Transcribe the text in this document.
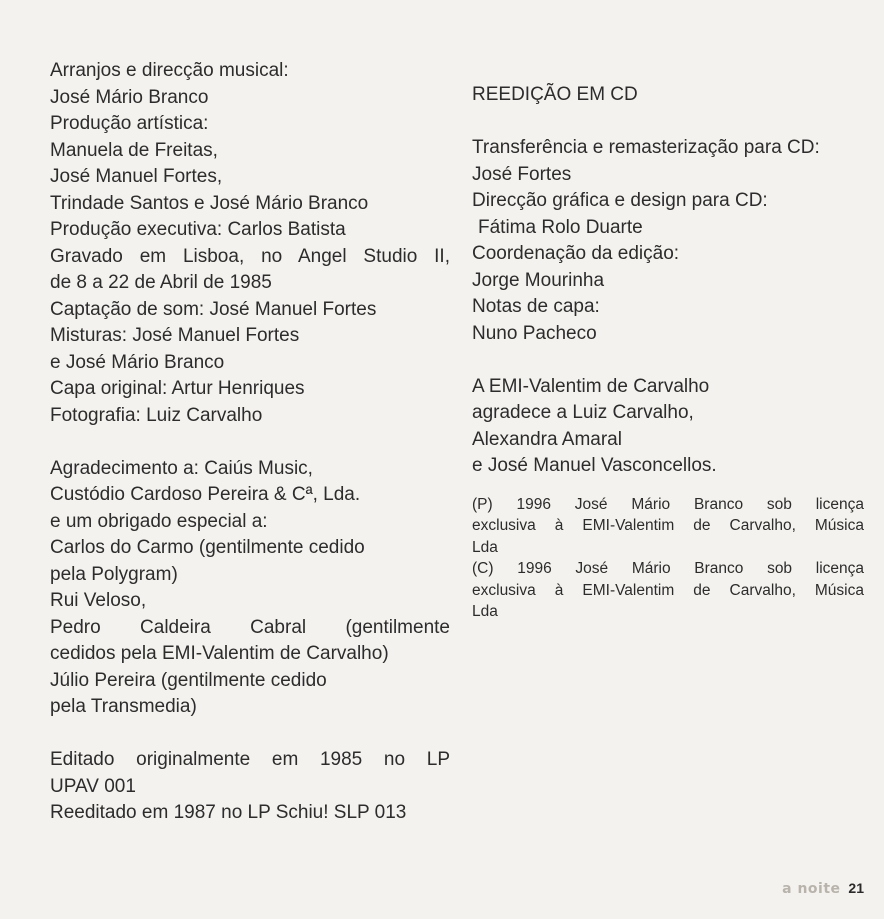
Arranjos e direcção musical:
José Mário Branco
Produção artística:
Manuela de Freitas,
José Manuel Fortes,
Trindade Santos e José Mário Branco
Produção executiva: Carlos Batista
Gravado em Lisboa, no Angel Studio II,
de 8 a 22 de Abril de 1985
Captação de som: José Manuel Fortes
Misturas: José Manuel Fortes
e José Mário Branco
Capa original: Artur Henriques
Fotografia: Luiz Carvalho
Agradecimento a: Caiús Music,
Custódio Cardoso Pereira & Cª, Lda.
e um obrigado especial a:
Carlos do Carmo (gentilmente cedido
pela Polygram)
Rui Veloso,
Pedro Caldeira Cabral (gentilmente
cedidos pela EMI-Valentim de Carvalho)
Júlio Pereira (gentilmente cedido
pela Transmedia)
Editado originalmente em 1985 no LP
UPAV 001
Reeditado em 1987 no LP Schiu! SLP 013
REEDIÇÃO EM CD
Transferência e remasterização para CD:
José Fortes
Direcção gráfica e design para CD:
Fátima Rolo Duarte
Coordenação da edição:
Jorge Mourinha
Notas de capa:
Nuno Pacheco
A EMI-Valentim de Carvalho
agradece a Luiz Carvalho,
Alexandra Amaral
e José Manuel Vasconcellos.
(P) 1996 José Mário Branco sob licença
exclusiva à EMI-Valentim de Carvalho, Música
Lda
(C) 1996 José Mário Branco sob licença
exclusiva à EMI-Valentim de Carvalho, Música
Lda
a noite 21
